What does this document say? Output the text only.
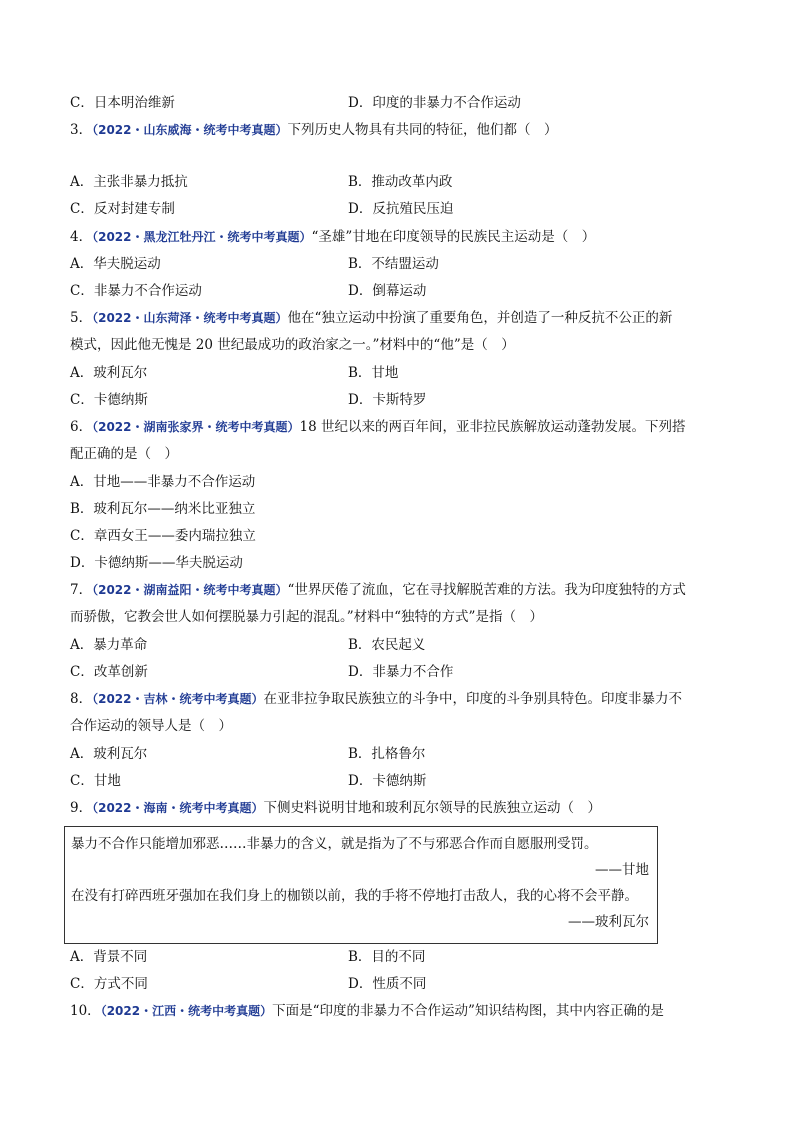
C．日本明治维新	D．印度的非暴力不合作运动
3．（2022・山东威海・统考中考真题）下列历史人物具有共同的特征，他们都（　）
A．主张非暴力抵抗	B．推动改革内政
C．反对封建专制	D．反抗殖民压迫
4．（2022・黑龙江牡丹江・统考中考真题）“圣雄”甘地在印度领导的民族民主运动是（　）
A．华夫脱运动	B．不结盟运动
C．非暴力不合作运动	D．倒幕运动
5．（2022・山东菏泽・统考中考真题）他在“独立运动中扮演了重要角色，并创造了一种反抗不公正的新
模式，因此他无愧是 20 世纪最成功的政治家之一。”材料中的“他”是（　）
A．玻利瓦尔	B．甘地
C．卡德纳斯	D．卡斯特罗
6．（2022・湖南张家界・统考中考真题）18 世纪以来的两百年间，亚非拉民族解放运动蓬勃发展。下列搭
配正确的是（　）
A．甘地——非暴力不合作运动
B．玻利瓦尔——纳米比亚独立
C．章西女王——委内瑞拉独立
D．卡德纳斯——华夫脱运动
7．（2022・湖南益阳・统考中考真题）“世界厌倦了流血，它在寻找解脱苦难的方法。我为印度独特的方式
而骄傲，它教会世人如何摆脱暴力引起的混乱。”材料中“独特的方式”是指（　）
A．暴力革命	B．农民起义
C．改革创新	D．非暴力不合作
8．（2022・吉林・统考中考真题）在亚非拉争取民族独立的斗争中，印度的斗争别具特色。印度非暴力不
合作运动的领导人是（　）
A．玻利瓦尔	B．扎格鲁尔
C．甘地	D．卡德纳斯
9．（2022・海南・统考中考真题）下侧史料说明甘地和玻利瓦尔领导的民族独立运动（　）
暴力不合作只能增加邪恶……非暴力的含义，就是指为了不与邪恶合作而自愿服刑受罚。
——甘地
在没有打碎西班牙强加在我们身上的枷锁以前，我的手将不停地打击敌人，我的心将不会平静。
——玻利瓦尔
A．背景不同	B．目的不同
C．方式不同	D．性质不同
10．（2022・江西・统考中考真题）下面是“印度的非暴力不合作运动”知识结构图，其中内容正确的是
